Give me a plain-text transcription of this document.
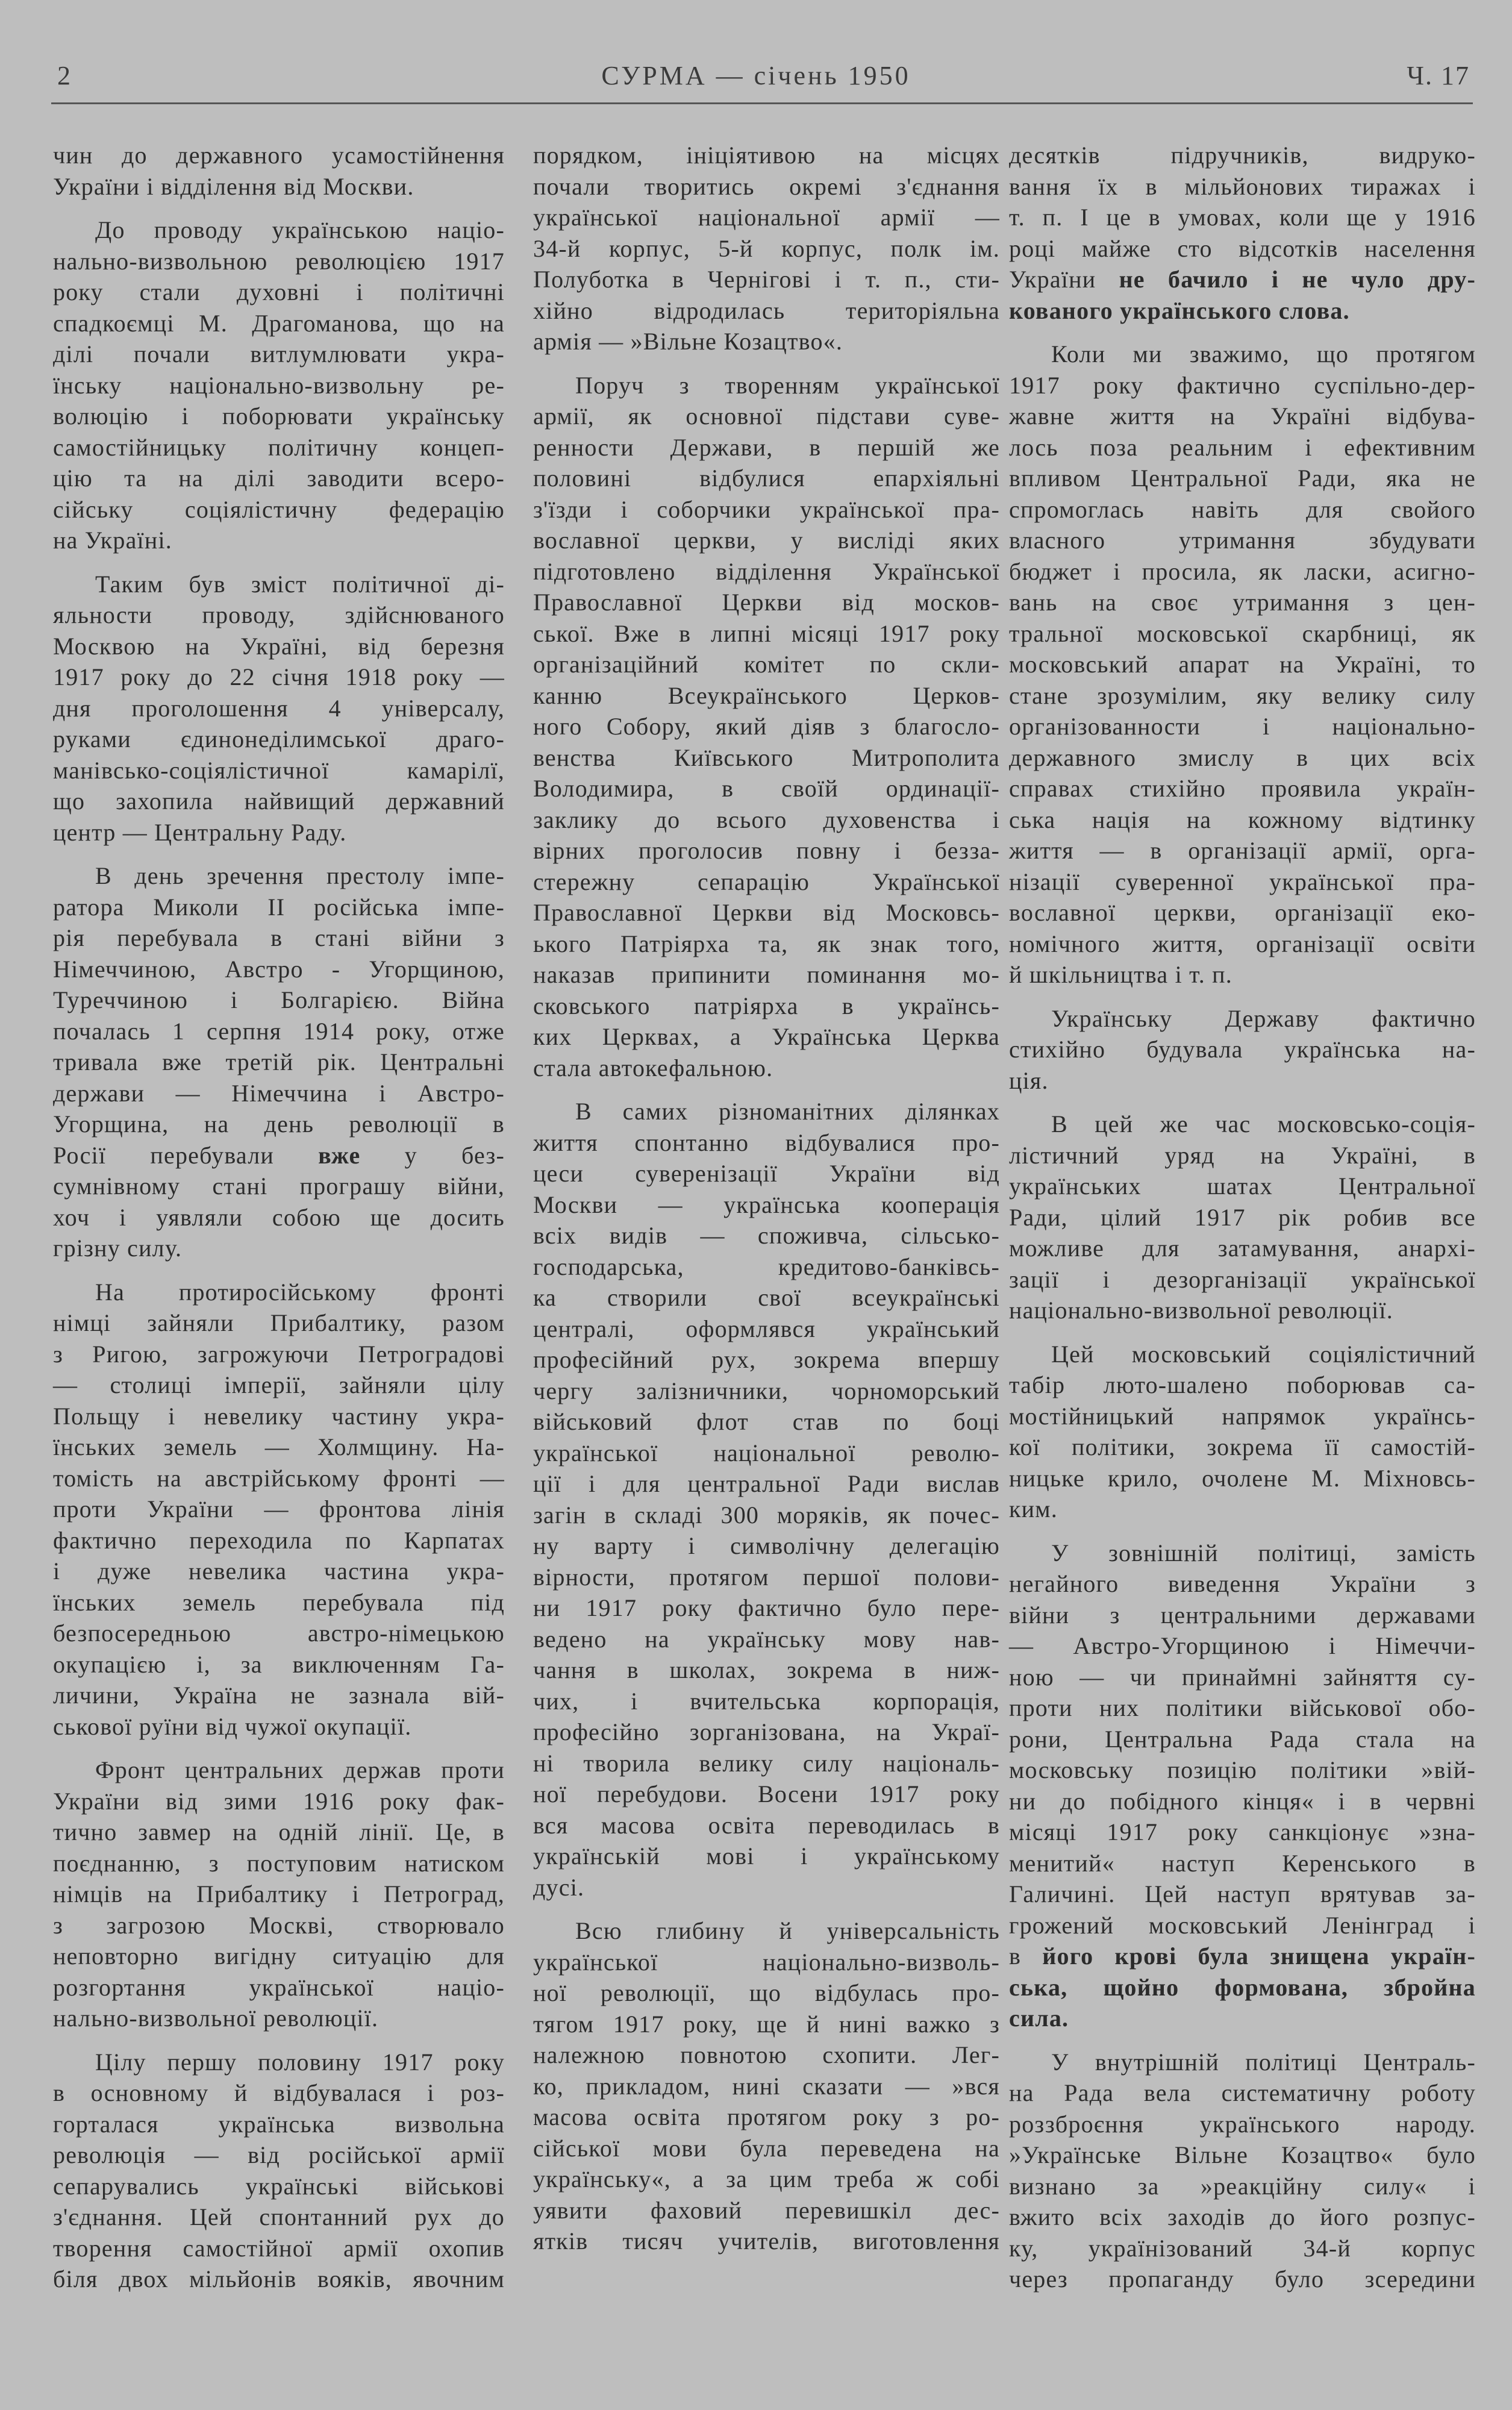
2	СУРМА — січень 1950	Ч. 17
чин до державного усамостійнення
України і відділення від Москви.
До проводу українською націо-
нально-визвольною революцією 1917
року стали духовні і політичні
спадкоємці М. Драгоманова, що на
ділі почали витлумлювати укра-
їнську національно-визвольну ре-
волюцію і поборювати українську
самостійницьку політичну концеп-
цію та на ділі заводити всеро-
сійську соціялістичну федерацію
на Україні.
Таким був зміст політичної ді-
яльности проводу, здійснюваного
Москвою на Україні, від березня
1917 року до 22 січня 1918 року —
дня проголошення 4 універсалу,
руками єдинонеділимської драго-
манівсько-соціялістичної камарілї,
що захопила найвищий державний
центр — Центральну Раду.
В день зречення престолу імпе-
ратора Миколи II російська імпе-
рія перебувала в стані війни з
Німеччиною, Австро - Угорщиною,
Туреччиною і Болгарією. Війна
почалась 1 серпня 1914 року, отже
тривала вже третій рік. Центральні
держави — Німеччина і Австро-
Угорщина, на день революції в
Росії перебували вже у без-
сумнівному стані програшу війни,
хоч і уявляли собою ще досить
грізну силу.
На протиросійському фронті
німці зайняли Прибалтику, разом
з Ригою, загрожуючи Петроградові
— столиці імперії, зайняли цілу
Польщу і невелику частину укра-
їнських земель — Холмщину. На-
томість на австрійському фронті —
проти України — фронтова лінія
фактично переходила по Карпатах
і дуже невелика частина укра-
їнських земель перебувала під
безпосередньою австро-німецькою
окупацією і, за виключенням Га-
личини, Україна не зазнала вій-
ськової руїни від чужої окупації.
Фронт центральних держав проти
України від зими 1916 року фак-
тично завмер на одній лінії. Це, в
поєднанню, з поступовим натиском
німців на Прибалтику і Петроград,
з загрозою Москві, створювало
неповторно вигідну ситуацію для
розгортання української націо-
нально-визвольної революції.
Цілу першу половину 1917 року
в основному й відбувалася і роз-
горталася українська визвольна
революція — від російської армії
сепарувались українські військові
з'єднання. Цей спонтанний рух до
творення самостійної армії охопив
біля двох мільйонів вояків, явочним
порядком, ініціятивою на місцях
почали творитись окремі з'єднання
української національної армії —
34-й корпус, 5-й корпус, полк ім.
Полуботка в Чернігові і т. п., сти-
хійно відродилась територіяльна
армія — »Вільне Козацтво«.
Поруч з творенням української
армії, як основної підстави суве-
ренности Держави, в першій же
половині відбулися епархіяльні
з'їзди і соборчики української пра-
вославної церкви, у висліді яких
підготовлено відділення Української
Православної Церкви від москов-
ської. Вже в липні місяці 1917 року
організаційний комітет по скли-
канню Всеукраїнського Церков-
ного Собору, який діяв з благосло-
венства Київського Митрополита
Володимира, в своїй ординації-
заклику до всього духовенства і
вірних проголосив повну і безза-
стережну сепарацію Української
Православної Церкви від Московсь-
ького Патріярха та, як знак того,
наказав припинити поминання мо-
сковського патріярха в українсь-
ких Церквах, а Українська Церква
стала автокефальною.
В самих різноманітних ділянках
життя спонтанно відбувалися про-
цеси суверенізації України від
Москви — українська кооперація
всіх видів — споживча, сільсько-
господарська, кредитово-банківсь-
ка створили свої всеукраїнські
централі, оформлявся український
професійний рух, зокрема впершу
чергу залізничники, чорноморський
військовий флот став по боці
української національної револю-
ції і для центральної Ради вислав
загін в складі 300 моряків, як почес-
ну варту і символічну делегацію
вірности, протягом першої полови-
ни 1917 року фактично було пере-
ведено на українську мову нав-
чання в школах, зокрема в ниж-
чих, і вчительська корпорація,
професійно зорганізована, на Украї-
ні творила велику силу національ-
ної перебудови. Восени 1917 року
вся масова освіта переводилась в
українській мові і українському
дусі.
Всю глибину й універсальність
української національно-визволь-
ної революції, що відбулась про-
тягом 1917 року, ще й нині важко з
належною повнотою схопити. Лег-
ко, прикладом, нині сказати — »вся
масова освіта протягом року з ро-
сійської мови була переведена на
українську«, а за цим треба ж собі
уявити фаховий перевишкіл дес-
ятків тисяч учителів, виготовлення
десятків підручників, видруко-
вання їх в мільйонових тиражах і
т. п. І це в умовах, коли ще у 1916
році майже сто відсотків населення
України не бачило і не чуло дру-
кованого українського слова.
Коли ми зважимо, що протягом
1917 року фактично суспільно-дер-
жавне життя на Україні відбува-
лось поза реальним і ефективним
впливом Центральної Ради, яка не
спромоглась навіть для свойого
власного утримання збудувати
бюджет і просила, як ласки, асигно-
вань на своє утримання з цен-
тральної московської скарбниці, як
московський апарат на Україні, то
стане зрозумілим, яку велику силу
організованности і національно-
державного змислу в цих всіх
справах стихійно проявила україн-
ська нація на кожному відтинку
життя — в організації армії, орга-
нізації суверенної української пра-
вославної церкви, організації еко-
номічного життя, організації освіти
й шкільництва і т. п.
Українську Державу фактично
стихійно будувала українська на-
ція.
В цей же час московсько-соція-
лістичний уряд на Україні, в
українських шатах Центральної
Ради, цілий 1917 рік робив все
можливе для затамування, анархі-
зації і дезорганізації української
національно-визвольної революції.
Цей московський соціялістичний
табір люто-шалено поборював са-
мостійницький напрямок українсь-
кої політики, зокрема її самостій-
ницьке крило, очолене М. Міхновсь-
ким.
У зовнішній політиці, замість
негайного виведення України з
війни з центральними державами
— Австро-Угорщиною і Німеччи-
ною — чи принаймні зайняття су-
проти них політики військової обо-
рони, Центральна Рада стала на
московську позицію політики »вій-
ни до побідного кінця« і в червні
місяці 1917 року санкціонує »зна-
менитий« наступ Керенського в
Галичині. Цей наступ врятував за-
грожений московський Ленінград і
в його крові була знищена україн-
ська, щойно формована, збройна
сила.
У внутрішній політиці Централь-
на Рада вела систематичну роботу
роззброєння українського народу.
»Українське Вільне Козацтво« було
визнано за »реакційну силу« і
вжито всіх заходів до його розпус-
ку, українізований 34-й корпус
через пропаганду було зсередини
